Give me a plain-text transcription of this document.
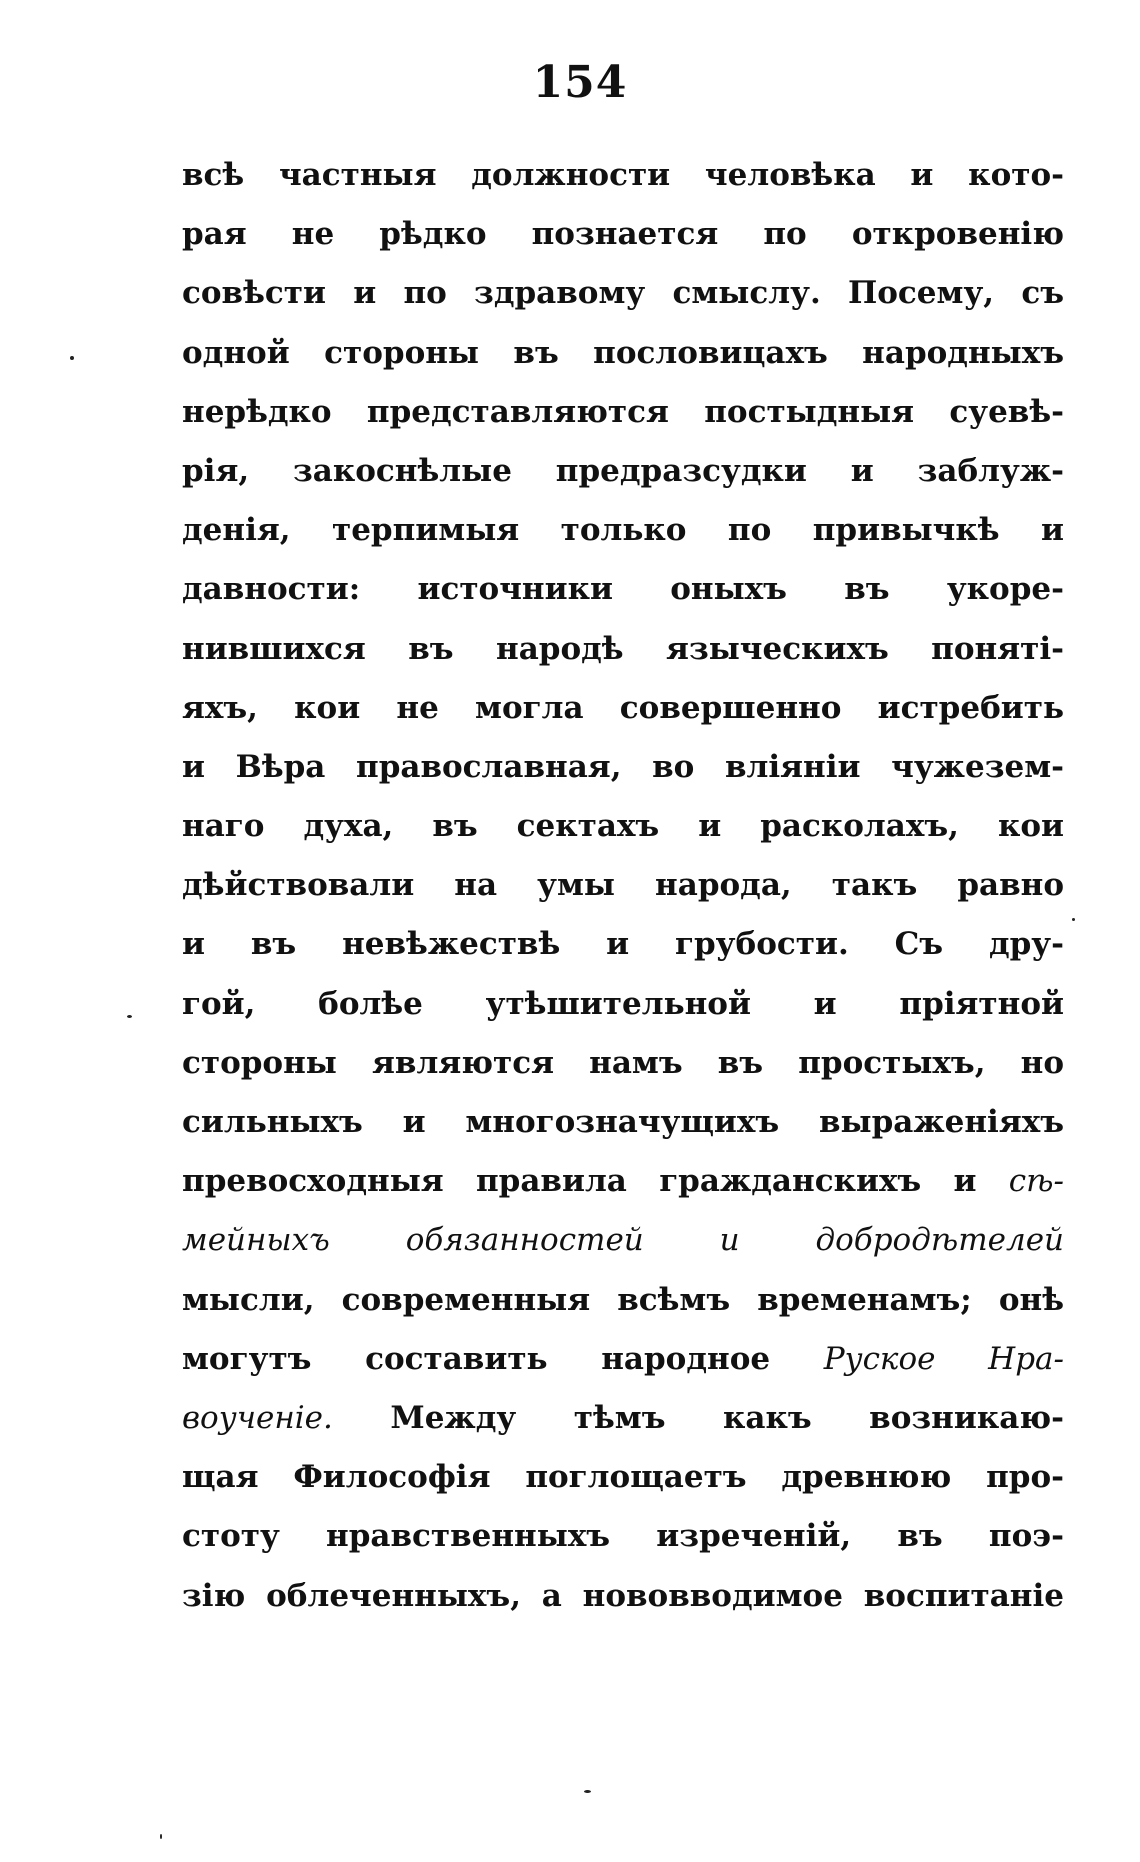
154
всѣ частныя должности человѣка и кото-
рая не рѣдко познается по откровенію
совѣсти и по здравому смыслу. Посему, съ
одной стороны въ пословицахъ народныхъ
нерѣдко представляются постыдныя суевѣ-
рія, закоснѣлые предразсудки и заблуж-
денія, терпимыя только по привычкѣ и
давности: источники оныхъ въ укоре-
нившихся въ народѣ языческихъ поняті-
яхъ, кои не могла совершенно истребить
и Вѣра православная, во вліяніи чужезем-
наго духа, въ сектахъ и расколахъ, кои
дѣйствовали на умы народа, такъ равно
и въ невѣжествѣ и грубости. Съ дру-
гой, болѣе утѣшительной и пріятной
стороны являются намъ въ простыхъ, но
сильныхъ и многозначущихъ выраженіяхъ
превосходныя правила гражданскихъ и сѣ-
мейныхъ обязанностей и добродѣтелей
мысли, современныя всѣмъ временамъ; онѣ
могутъ составить народное Руское Нра-
воученіе. Между тѣмъ какъ возникаю-
щая Философія поглощаетъ древнюю про-
стоту нравственныхъ изреченій, въ поэ-
зію облеченныхъ, а нововводимое воспитаніе
